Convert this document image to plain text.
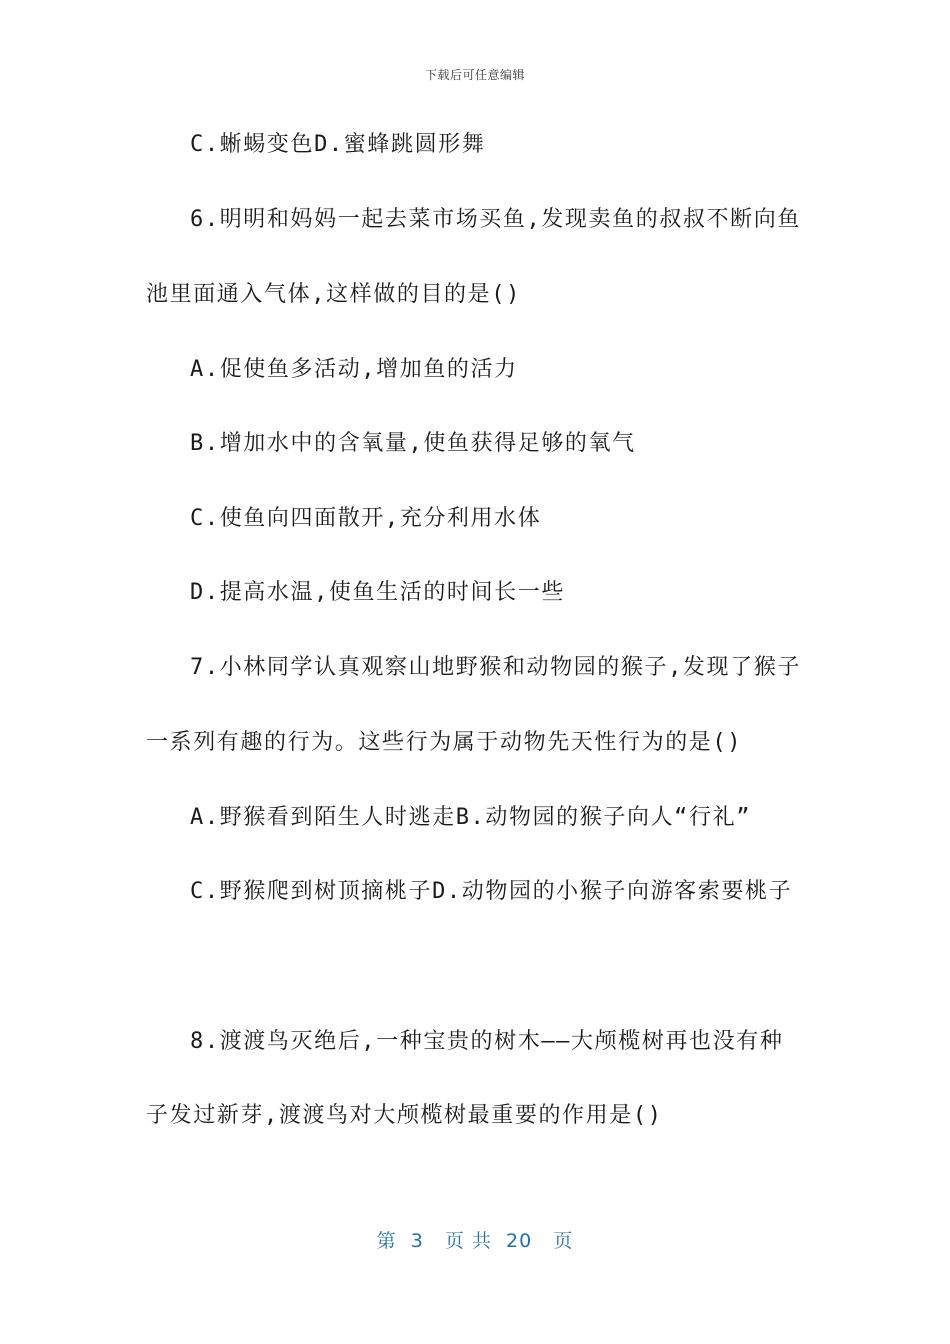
下载后可任意编辑
C.蜥蜴变色D.蜜蜂跳圆形舞
6.明明和妈妈一起去菜市场买鱼,发现卖鱼的叔叔不断向鱼
池里面通入气体,这样做的目的是()
A.促使鱼多活动,增加鱼的活力
B.增加水中的含氧量,使鱼获得足够的氧气
C.使鱼向四面散开,充分利用水体
D.提高水温,使鱼生活的时间长一些
7.小林同学认真观察山地野猴和动物园的猴子,发现了猴子
一系列有趣的行为。这些行为属于动物先天性行为的是()
A.野猴看到陌生人时逃走B.动物园的猴子向人“行礼”
C.野猴爬到树顶摘桃子D.动物园的小猴子向游客索要桃子
8.渡渡鸟灭绝后,一种宝贵的树木——大颅榄树再也没有种
子发过新芽,渡渡鸟对大颅榄树最重要的作用是()
第  3   页 共  20   页
